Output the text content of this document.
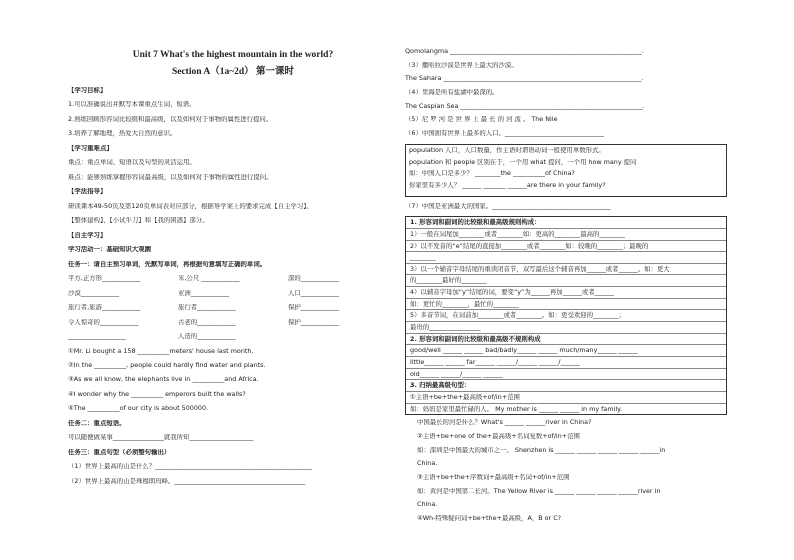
Unit 7 What's the highest mountain in the world?
Section A（1a~2d） 第一课时
【学习目标】
1.可以准确说出并默写本课重点生词、短语。
2.熟练回顾形容词比较级和最高级，以及如何对于事物的属性进行提问。
3.培养了解地理，热爱大自然的意识。
【学习重难点】
重点：重点单词、短语以及句型的灵活运用。
难点：能够熟练掌握形容词最高级，以及如何对于事物的属性进行提问。
【学法指导】
研读课本49-50页及第120页单词表对应部分，根据导学案上的要求完成【自主学习】、
【整体建构】、【小试牛刀】和【我的困惑】部分。
【自主学习】
学习活动一：基础知识大观園
任务一：请自主预习单词，先默写单词，再根据句意填写正确的单词。
平方,正方形____________	米,公尺 ____________	深的____________
沙漠____________	亚洲____________	人口____________
旅行者,旅游____________	旅行者____________	保护____________
令人惊奇的____________	古老的____________	保护____________
__________________	人造的____________
①Mr. Li bought a 158 __________meters' house last month.
②In the __________, people could hardly find water and plants.
③As we all know, the elephants live in __________and Africa.
④I wonder why the __________ emperors built the walls?
⑤The __________of our city is about 500000.
任务二：重点短语。
可以随便做某事________________就我所知____________________
任务三：重点句型（必须整句输出）
（1）世界上最高的山是什么？_________________________________________________
（2）世界上最高的山是珠穆朗玛峰。_________________________________________
Qomolangma ____________________________________________________________.
（3）撒哈拉沙漠是世界上最大的沙漠。
The Sahara ______________________________________________________________.
（4）里海是所有盐湖中最深的。
The Caspian Sea _________________________________________________________.
（5）尼 罗 河 是 世 界 上 最 长 的 河 流 。 The Nile
（6）中国拥有世界上最多的人口。_______________________________
population 人口，人口数量，作主语时谓语动词一般使用单数形式。
population 和 people 区别在于，一个用 what 提问，一个用 how many 提问
如：中国人口是多少？ ________the __________of China?
你家里有多少人？ ______ _______ ______are there in your family?
（7）中国是亚洲最大的国家。_____________________________________
1. 形容词和副词的比较级和最高级规则构成：
1）一般在词尾加________或者________如：更高的________最高的________
2）以不发音的“e”结尾的直接加________或者________如：较晚的________；最晚的
________
3）以一个辅音字母结尾的重读闭音节，双写最后这个辅音再加______或者______。如：更大
的________最好的________
4）以辅音字母加“y”结尾的词，要变“y”为______再加______或者______
如：更忙的________，最忙的________
5）多音节词，在词前加________或者________。如：更受欢迎的________；
最贵的________________
2. 形容词和副词的比较级和最高级不规则构成
good/well ______ ______ bad/badly______ ______ much/many______ ______
little______ ______ far______ ______/______ ______/______
old______ ______/______ ______
3. 归纳最高级句型：
①主语+be+the+最高级+of/in+范围
如：妈妈是家里最忙碌的人。 My mother is ______ ______ in my family.
中国最长的河是什么？What's ______ ______river in China?
②主语+be+one of the+最高级+名词复数+of/in+范围
如：深圳是中国最大的城市之一。 Shenzhen is ______ ______ ______ ______ ______in
China.
③主语+be+the+序数词+最高级+名词+of/in+范围
如：黄河是中国第二长河。The Yellow River is ______ ______ ______ ______river in
China.
④Wh-特殊疑问词+be+the+最高级，A，B or C?
